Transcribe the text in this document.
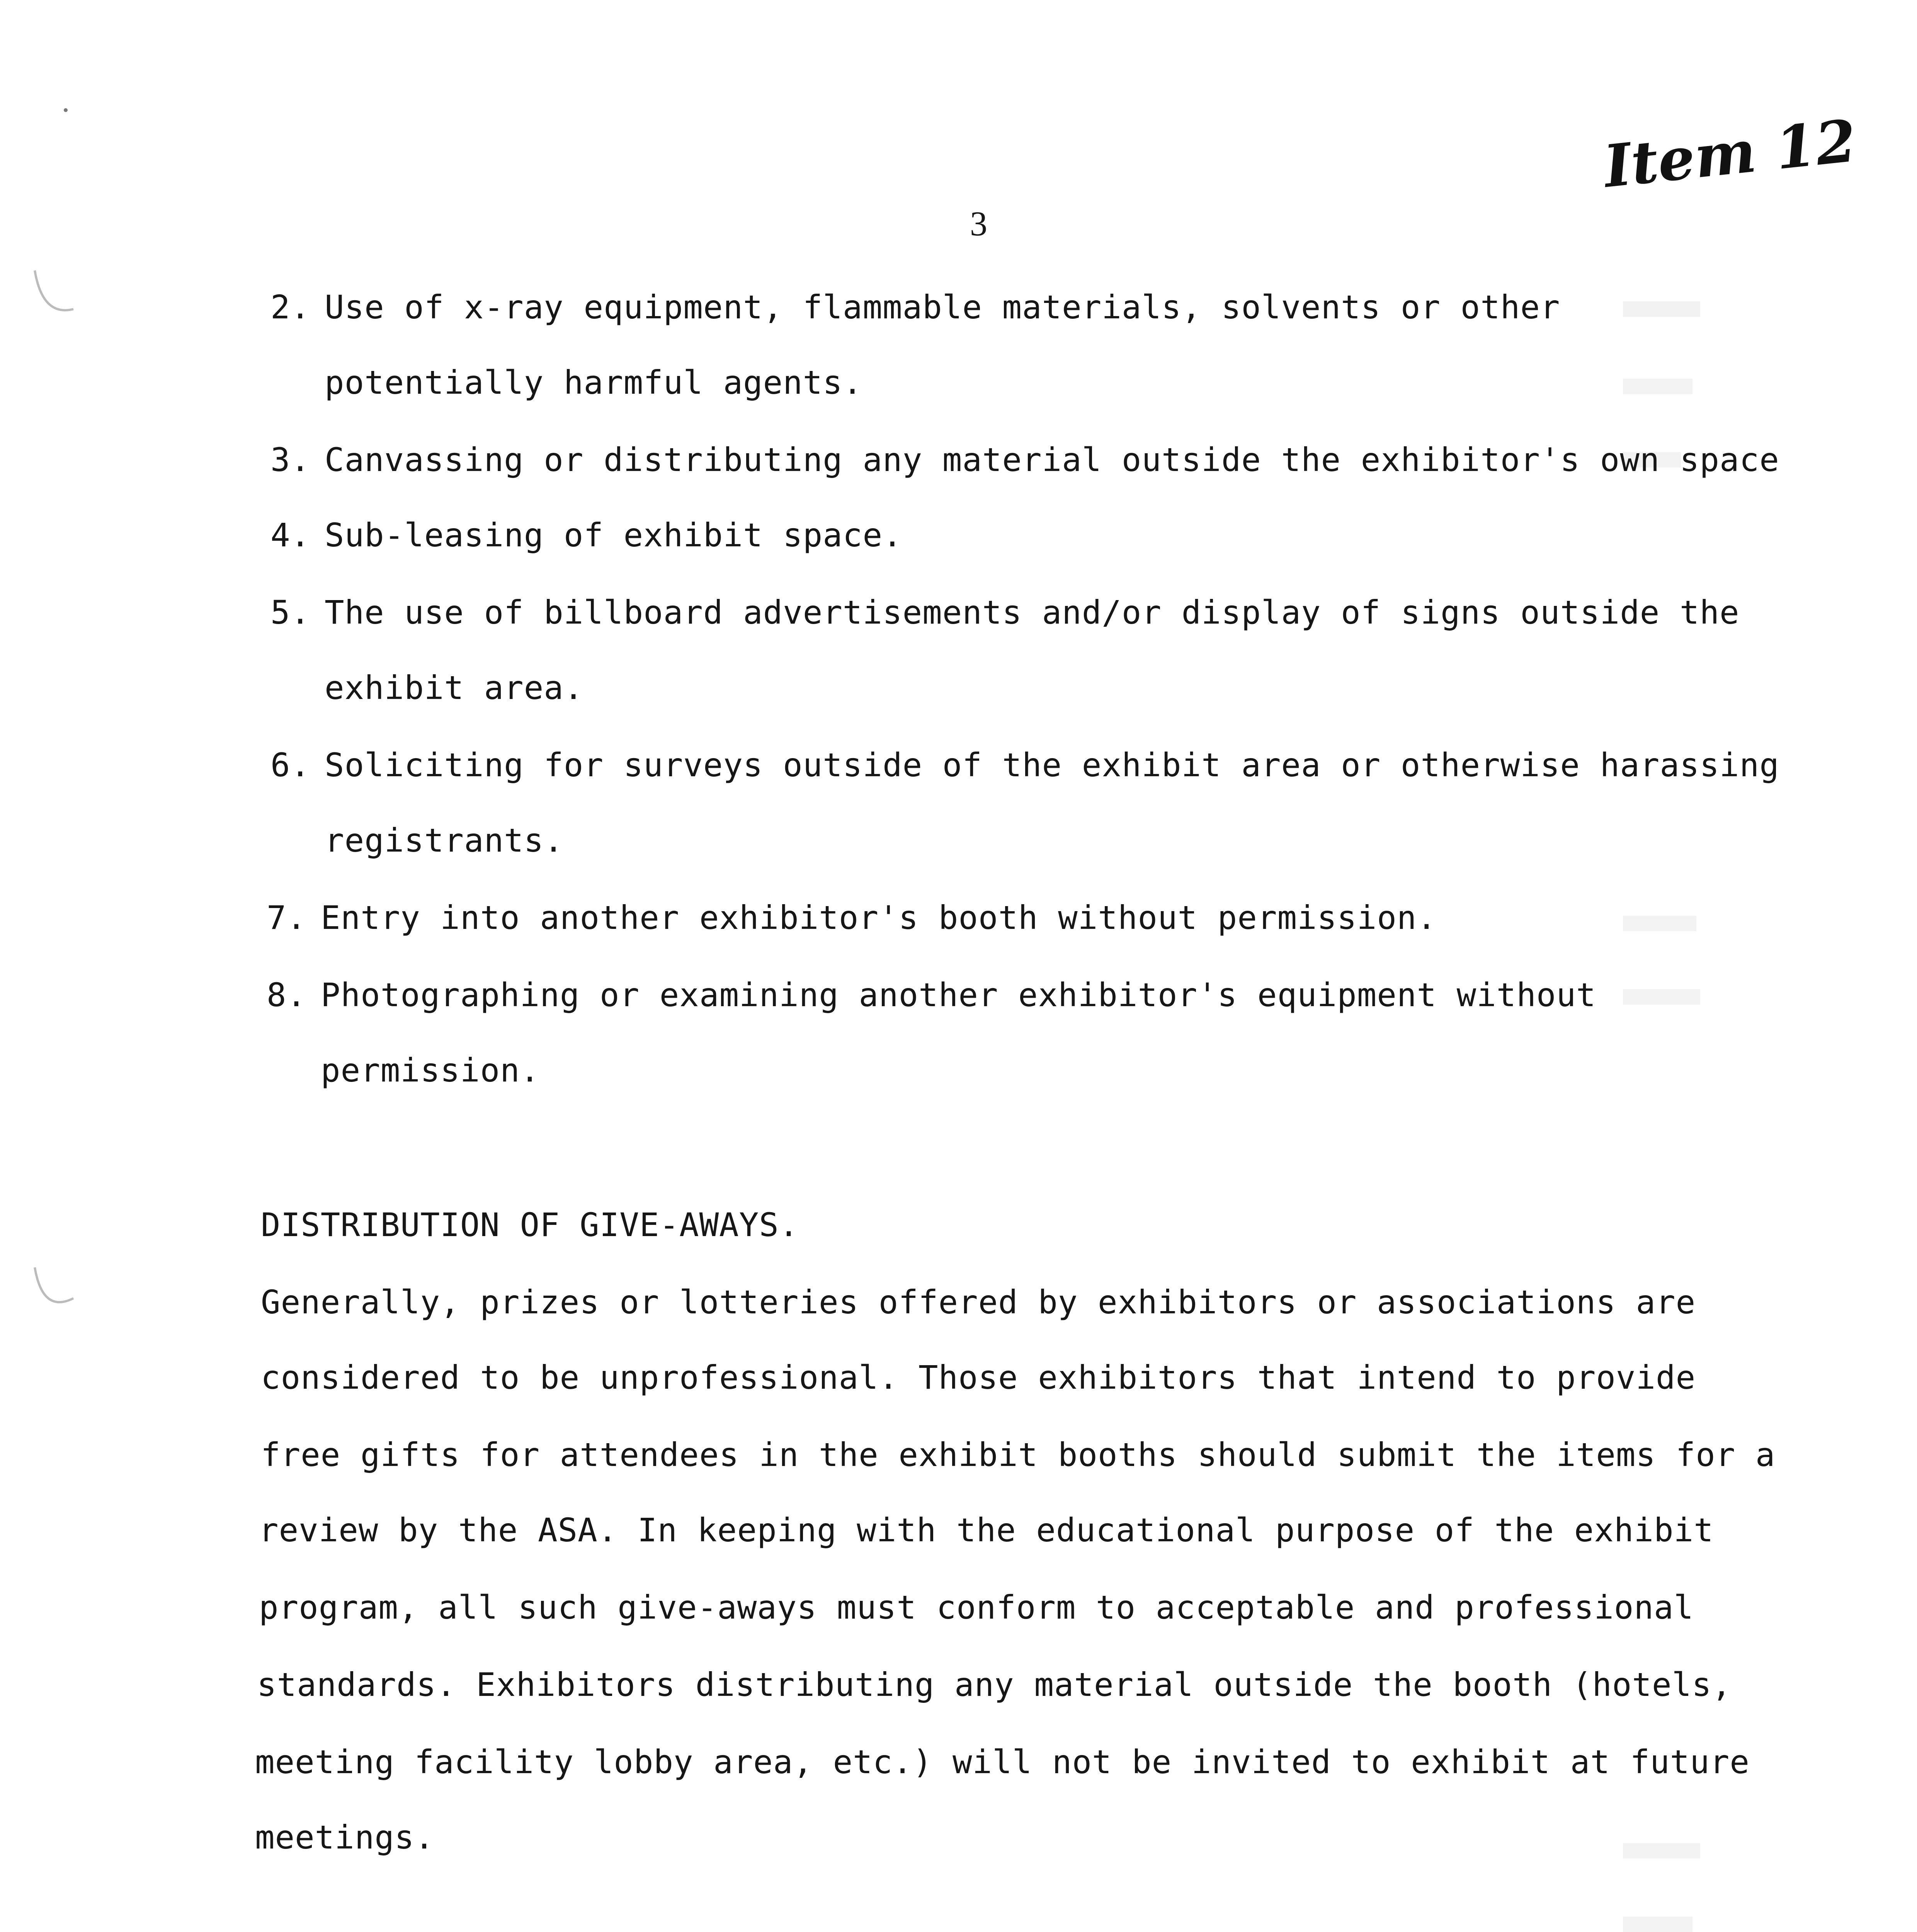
3
Item 12
2. Use of x-ray equipment, flammable materials, solvents or other
potentially harmful agents.
3. Canvassing or distributing any material outside the exhibitor's own space
4. Sub-leasing of exhibit space.
5. The use of billboard advertisements and/or display of signs outside the
exhibit area.
6. Soliciting for surveys outside of the exhibit area or otherwise harassing
registrants.
7. Entry into another exhibitor's booth without permission.
8. Photographing or examining another exhibitor's equipment without
permission.
DISTRIBUTION OF GIVE-AWAYS.
Generally, prizes or lotteries offered by exhibitors or associations are
considered to be unprofessional. Those exhibitors that intend to provide
free gifts for attendees in the exhibit booths should submit the items for a
review by the ASA. In keeping with the educational purpose of the exhibit
program, all such give-aways must conform to acceptable and professional
standards. Exhibitors distributing any material outside the booth (hotels,
meeting facility lobby area, etc.) will not be invited to exhibit at future
meetings.
